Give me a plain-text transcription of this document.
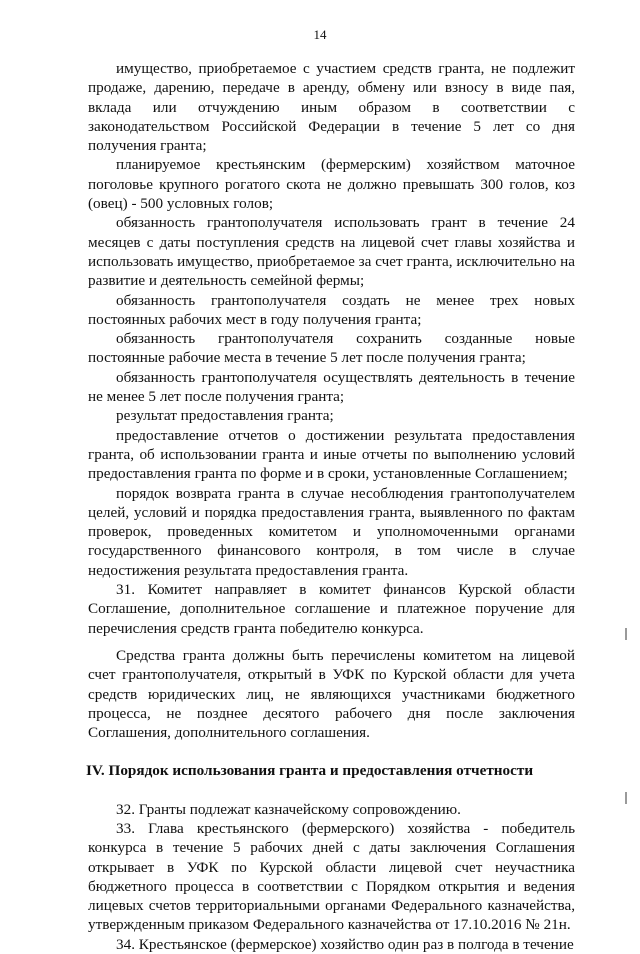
14

имущество, приобретаемое с участием средств гранта, не подлежит продаже, дарению, передаче в аренду, обмену или взносу в виде пая, вклада или отчуждению иным образом в соответствии с законодательством Российской Федерации в течение 5 лет со дня получения гранта;

планируемое крестьянским (фермерским) хозяйством маточное поголовье крупного рогатого скота не должно превышать 300 голов, коз (овец) - 500 условных голов;

обязанность грантополучателя использовать грант в течение 24 месяцев с даты поступления средств на лицевой счет главы хозяйства и использовать имущество, приобретаемое за счет гранта, исключительно на развитие и деятельность семейной фермы;

обязанность грантополучателя создать не менее трех новых постоянных рабочих мест в году получения гранта;

обязанность грантополучателя сохранить созданные новые постоянные рабочие места в течение 5 лет после получения гранта;

обязанность грантополучателя осуществлять деятельность в течение не менее 5 лет после получения гранта;

результат предоставления гранта;

предоставление отчетов о достижении результата предоставления гранта, об использовании гранта и иные отчеты по выполнению условий предоставления гранта по форме и в сроки, установленные Соглашением;

порядок возврата гранта в случае несоблюдения грантополучателем целей, условий и порядка предоставления гранта, выявленного по фактам проверок, проведенных комитетом и уполномоченными органами государственного финансового контроля, в том числе в случае недостижения результата предоставления гранта.

31. Комитет направляет в комитет финансов Курской области Соглашение, дополнительное соглашение и платежное поручение для перечисления средств гранта победителю конкурса.

Средства гранта должны быть перечислены комитетом на лицевой счет грантополучателя, открытый в УФК по Курской области для учета средств юридических лиц, не являющихся участниками бюджетного процесса, не позднее десятого рабочего дня после заключения Соглашения, дополнительного соглашения.

IV. Порядок использования гранта и предоставления отчетности

32. Гранты подлежат казначейскому сопровождению.

33. Глава крестьянского (фермерского) хозяйства - победитель конкурса в течение 5 рабочих дней с даты заключения Соглашения открывает в УФК по Курской области лицевой счет неучастника бюджетного процесса в соответствии с Порядком открытия и ведения лицевых счетов территориальными органами Федерального казначейства, утвержденным приказом Федерального казначейства от 17.10.2016 № 21н.

34. Крестьянское (фермерское) хозяйство один раз в полгода в течение
